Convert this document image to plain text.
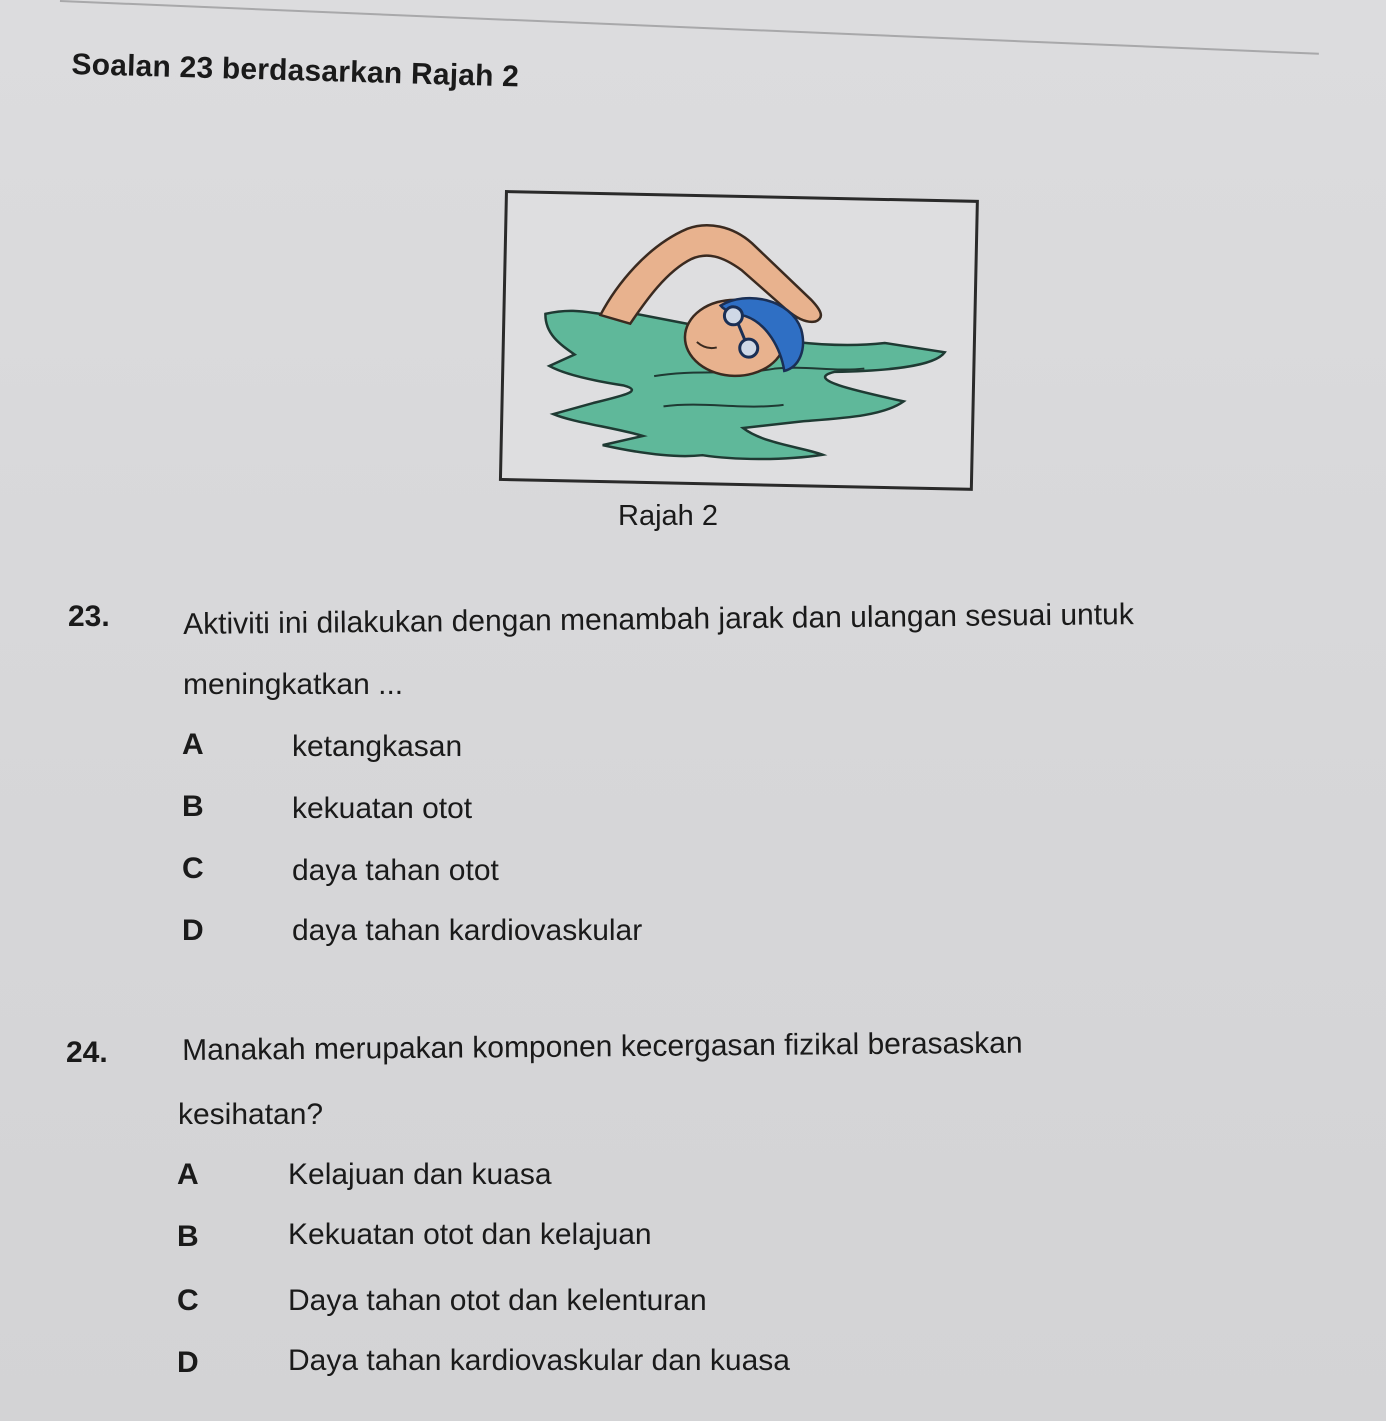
Soalan 23 berdasarkan Rajah 2
Rajah 2
23. Aktiviti ini dilakukan dengan menambah jarak dan ulangan sesuai untuk
meningkatkan ...
A	ketangkasan
B	kekuatan otot
C	daya tahan otot
D	daya tahan kardiovaskular
24. Manakah merupakan komponen kecergasan fizikal berasaskan
kesihatan?
A	Kelajuan dan kuasa
B	Kekuatan otot dan kelajuan
C	Daya tahan otot dan kelenturan
D	Daya tahan kardiovaskular dan kuasa
